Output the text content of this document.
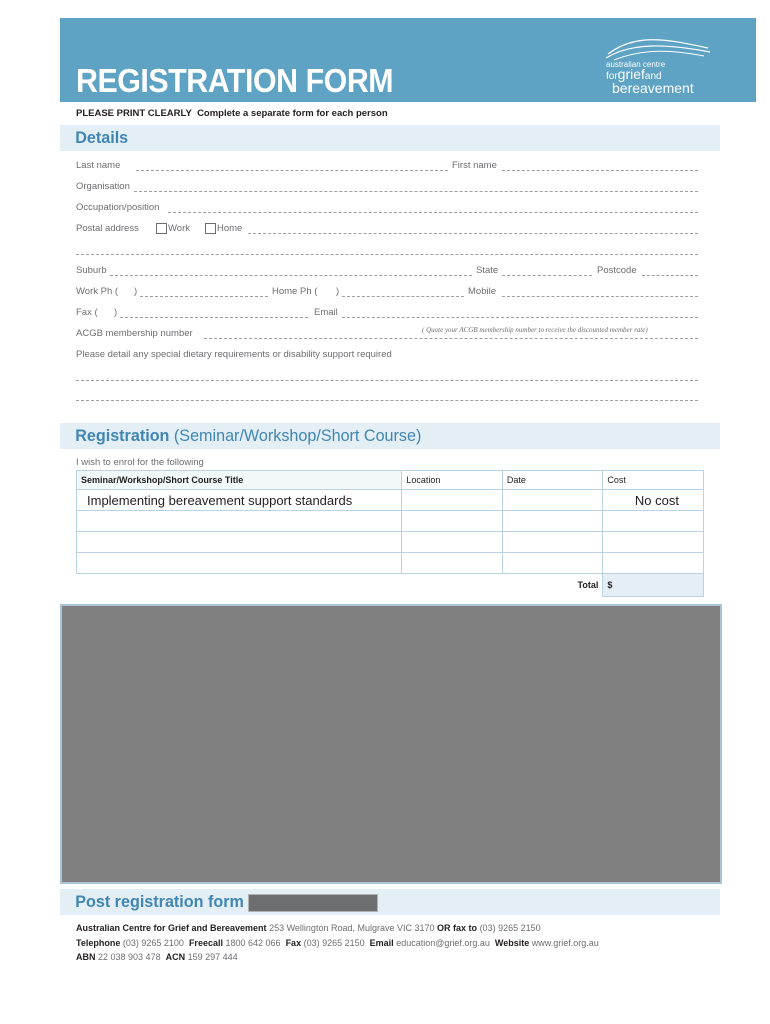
REGISTRATION FORM	australian centre
forgriefand
bereavement
PLEASE PRINT CLEARLY Complete a separate form for each person
Details
Last name	First name
Organisation
Occupation/position
Postal address	Work	Home
Suburb	State	Postcode
Work Ph ( )	Home Ph ( )	Mobile
Fax ( )	Email
ACGB membership number	( Quote your ACGB membership number to receive the discounted member rate)
Please detail any special dietary requirements or disability support required
Registration (Seminar/Workshop/Short Course)
I wish to enrol for the following
Seminar/Workshop/Short Course Title	Location	Date	Cost
Implementing bereavement support standards			No cost

Total			$
Post registration form
Australian Centre for Grief and Bereavement 253 Wellington Road, Mulgrave VIC 3170 OR fax to (03) 9265 2150
Telephone (03) 9265 2100 Freecall 1800 642 066 Fax (03) 9265 2150 Email education@grief.org.au Website www.grief.org.au
ABN 22 038 903 478 ACN 159 297 444
